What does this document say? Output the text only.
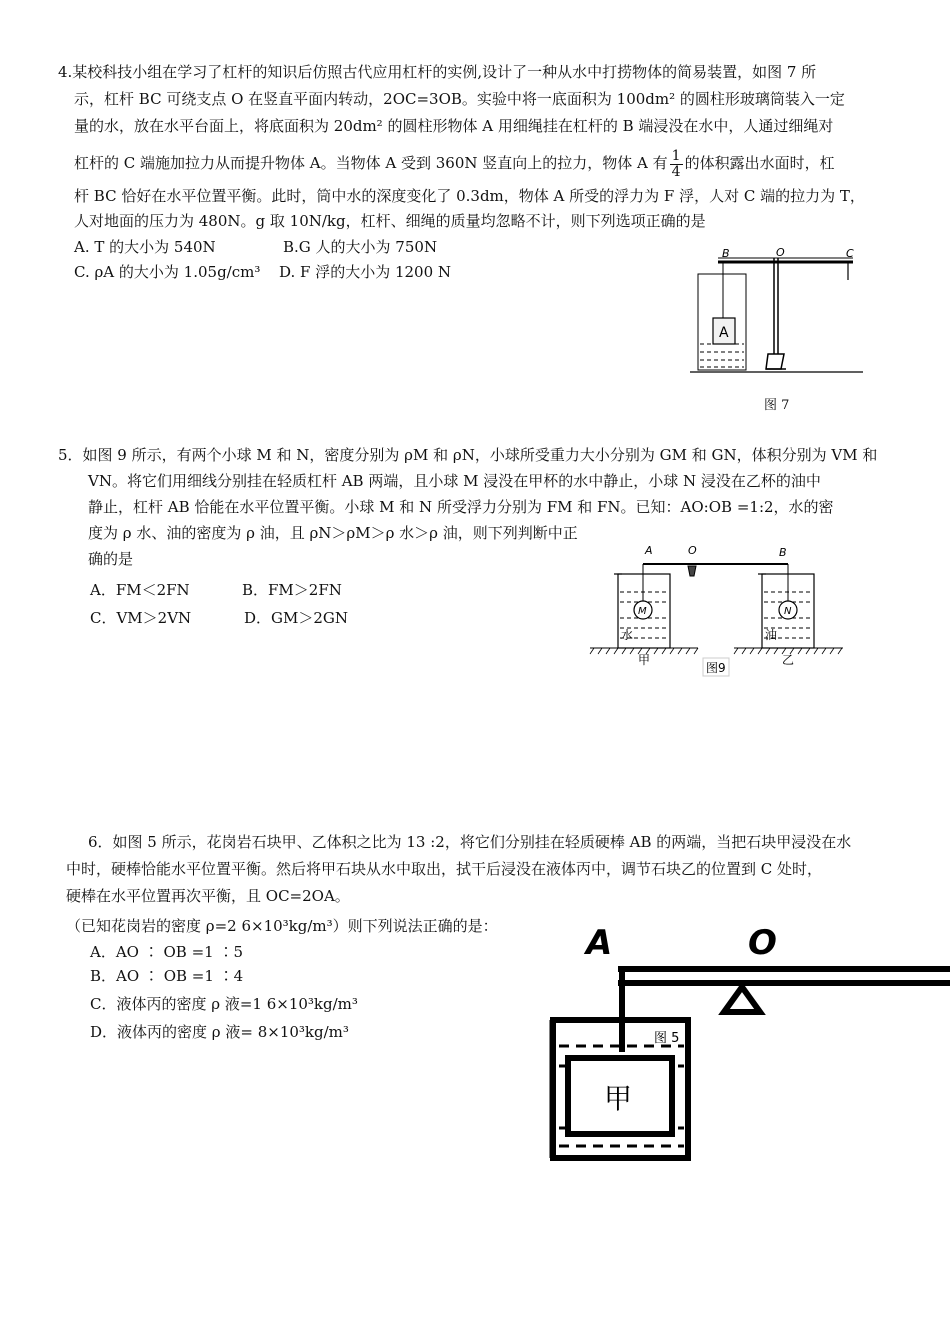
4.某校科技小组在学习了杠杆的知识后仿照古代应用杠杆的实例,设计了一种从水中打捞物体的简易装置，如图 7 所
示，杠杆 BC 可绕支点 O 在竖直平面内转动，2OC=3OB。实验中将一底面积为 100dm² 的圆柱形玻璃筒装入一定
量的水，放在水平台面上，将底面积为 20dm² 的圆柱形物体 A 用细绳挂在杠杆的 B 端浸没在水中，人通过细绳对
杠杆的 C 端施加拉力从而提升物体 A。当物体 A 受到 360N 竖直向上的拉力，物体 A 有 $\frac{1}{4}$ 的体积露出水面时，杠
杆 BC 恰好在水平位置平衡。此时，筒中水的深度变化了 0.3dm，物体 A 所受的浮力为 F 浮，人对 C 端的拉力为 T，
人对地面的压力为 480N。g 取 10N/kg，杠杆、细绳的质量均忽略不计，则下列选项正确的是
A. T 的大小为 540N	B.G 人的大小为 750N
C. ρA 的大小为 1.05g/cm³ D. F 浮的大小为 1200 N
B	O	C
A
图 7
5．如图 9 所示，有两个小球 M 和 N，密度分别为 ρM 和 ρN，小球所受重力大小分别为 GM 和 GN，体积分别为 VM 和
VN。将它们用细线分别挂在轻质杠杆 AB 两端，且小球 M 浸没在甲杯的水中静止，小球 N 浸没在乙杯的油中
静止，杠杆 AB 恰能在水平位置平衡。小球 M 和 N 所受浮力分别为 FM 和 FN。已知：AO:OB =1:2，水的密
度为 ρ 水、油的密度为 ρ 油，且 ρN＞ρM＞ρ 水＞ρ 油，则下列判断中正
确的是
A．FM＜2FN	B．FM＞2FN
C．VM＞2VN	D．GM＞2GN
A	O	B
M	N
水	油
甲	乙
图9
6．如图 5 所示，花岗岩石块甲、乙体积之比为 13 :2，将它们分别挂在轻质硬棒 AB 的两端，当把石块甲浸没在水
中时，硬棒恰能水平位置平衡。然后将甲石块从水中取出，拭干后浸没在液体丙中，调节石块乙的位置到 C 处时，
硬棒在水平位置再次平衡，且 OC=2OA。
（已知花岗岩的密度 ρ=2 6×10³kg/m³）则下列说法正确的是：
A．AO ∶ OB =1 ∶5
B．AO ∶ OB =1 ∶4
C．液体丙的密度 ρ 液=1 6×10³kg/m³
D．液体丙的密度 ρ 液= 8×10³kg/m³
A	O
甲
图 5
